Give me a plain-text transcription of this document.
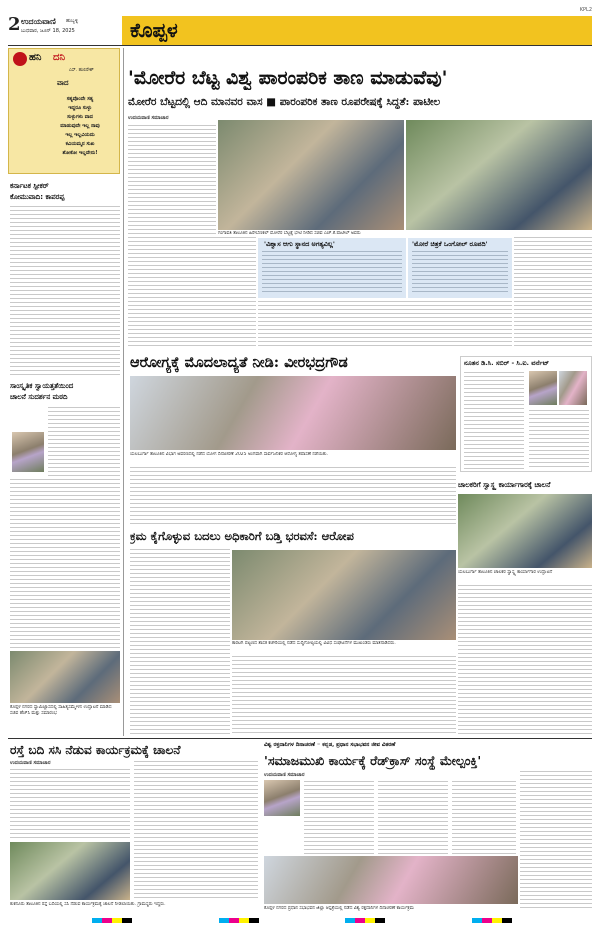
2 ಉದಯವಾಣಿ ಹುಬ್ಬಳ್ಳಿ
ಬುಧವಾರ, ಜೂನ್ 18, 2025
KPL2
ಕೊಪ್ಪಳ
ಹನಿ ದನಿ
ಎಸ್. ಹುಲಿರೇಶ್
ವಾದ
ಸತ್ಯವೊಂದೇ ಸತ್ಯ
ಇದ್ದರೂ ಸುಳ್ಳು
ಸುಳ್ಳುಗಳು ವಾದ
ಮಾಡುವುದೇ ಇಲ್ಲ ನಾವು
ಇಲ್ಲ ಇಲ್ಲವಿಯದು
ಕವಿಯಮ್ಮನ ಸುಖ
ಶೋಕೋ ಇಲ್ಲವೇನು!
ಕರ್ನಾಟಕ ಸ್ಪೀಕರ್
ಕೋಮುವಾದಿ: ಕಾಪರಪ್ಪ
ಸಾಂಸ್ಕೃತಿಕ ಸ್ವಾಯತ್ತತೆಯಿಂದ
ಚಾಲನೆ ಸುದರ್ಶನ ಮಠದಿ
ಕೊಪ್ಪಳ ನಗರದ ಸ್ವಾಮಿಜ್ಞಾಸದಲ್ಲಿ ಸಾಹಿತ್ಯಸಮ್ಮೇಳನ ಉದ್ಘಾಟನೆ ಮಾಡಿದ ಸಚಿವ ಹೆಚ್‌ಸಿ ಮತ್ತು ಸಮಾರಂಭ
'ಮೋರೆರ ಬೆಟ್ಟ ವಿಶ್ವ ಪಾರಂಪರಿಕ ತಾಣ ಮಾಡುವೆವು'
ಮೋರೆರ ಬೆಟ್ಟದಲ್ಲಿ ಆದಿ ಮಾನವರ ವಾಸ ■ ಪಾರಂಪರಿಕ ತಾಣ ರೂಪರೇಷಕ್ಕೆ ಸಿದ್ಧತೆ: ಪಾಟೀಲ
ಉದಯವಾಣಿ ಸಮಾಚಾರ
ಗಂಗಾವತಿ ತಾಲೂಕಿನ ಹಿರೇಬೆಣಕಲ್ ಮೋರೆರ ಬೆಟ್ಟಕ್ಕೆ ಭೇಟಿ ನೀಡಿದ ಸಚಿವ ಎಚ್.ಕೆ.ಪಾಟೀಲ್‌ ಅವರು
'ವಿಶ್ವಾಸ ಆಗು ಸ್ಥಾನದ ಅಗತ್ಯವಿಲ್ಲ'	'ಮೋರೆ ಚಿತ್ರಕೆ ಒಂಗೋಲ್ ರೂಪದಿ'
ಆರೋಗ್ಯಕ್ಕೆ ಮೊದಲಾದ್ಯತೆ ನೀಡಿ: ವೀರಭದ್ರಗೌಡ
ಯಲಬುರ್ಗಾ ತಾಲೂಕಿನ ವಿಭಾಗ ಅವರಣದಲ್ಲಿ ನಡೆದ ಯೋಗ ದಿನಾಚರಣೆ 2025 ಅಂಗವಾಗಿ ಸಾರ್ವಜನಿಕರ ಆರೋಗ್ಯ ತಪಾಸಣೆ ನಡೆಯಿತು.
ನೂತನ ಡಿ.ಸಿ. ಸಬಿರ್ - ಸಿ.ಐ. ವರ್ನೆಟ್
ಚಾಲಕರಿಗೆ ಸ್ವಾಸ್ಥ್ಯ ಕಾರ್ಯಾಗಾರಕ್ಕೆ ಚಾಲನೆ
ಯಲಬುರ್ಗಾ ತಾಲೂಕಿನ ಚಾಲಕರ ಸ್ವಾಸ್ಥ್ಯ ಕಾರ್ಯಾಗಾರ ಉದ್ಘಾಟನೆ
ಕ್ರಮ ಕೈಗೊಳ್ಳುವ ಬದಲು ಅಧಿಕಾರಿಗೆ ಬಡ್ತಿ ಭರವಸೆ: ಆರೋಪ
ಕಾರಟಗಿ ಪಟ್ಟಣದ ಶಾಸಕ ಕಚೇರಿಯಲ್ಲಿ ನಡೆದ ಸುದ್ದಿಗೋಷ್ಠಿಯಲ್ಲಿ ವಿವಿಧ ಸಂಘಟನೆಗಳ ಮುಖಂಡರು ಮಾತನಾಡಿದರು.
ರಸ್ತೆ ಬದಿ ಸಸಿ ನೆಡುವ ಕಾರ್ಯಕ್ರಮಕ್ಕೆ ಚಾಲನೆ
ಉದಯವಾಣಿ ಸಮಾಚಾರ
ಕುಕನೂರು ತಾಲೂಕಿನ ರಸ್ತೆ ಬದಿಯಲ್ಲಿ ಸಸಿ ನೆಡುವ ಕಾರ್ಯಕ್ರಮಕ್ಕೆ ಚಾಲನೆ ನೀಡಲಾಯಿತು. ಗ್ರಾಮಸ್ಥರು ಇದ್ದರು.
ವಿಶ್ವ ರಕ್ತದಾನಿಗಳ ದಿನಾಚರಣೆ ◦ ಕನ್ನಡ, ಪ್ರಧಾನ ಸಭಾಭವನ ಜೀವ ವಿತರಣೆ
'ಸಮಾಜಮುಖಿ ಕಾರ್ಯಕ್ಕೆ ರೆಡ್‌ಕ್ರಾಸ್ ಸಂಸ್ಥೆ ಮೇಲ್ಪಂಕ್ತಿ'
ಉದಯವಾಣಿ ಸಮಾಚಾರ
ಕೊಪ್ಪಳ ನಗರದ ಪ್ರಧಾನ ಸಭಾಭವನ ಜಿಲ್ಲಾ ಆಸ್ಪತ್ರೆಯಲ್ಲಿ ನಡೆದ ವಿಶ್ವ ರಕ್ತದಾನಿಗಳ ದಿನಾಚರಣೆ ಕಾರ್ಯಕ್ರಮ
